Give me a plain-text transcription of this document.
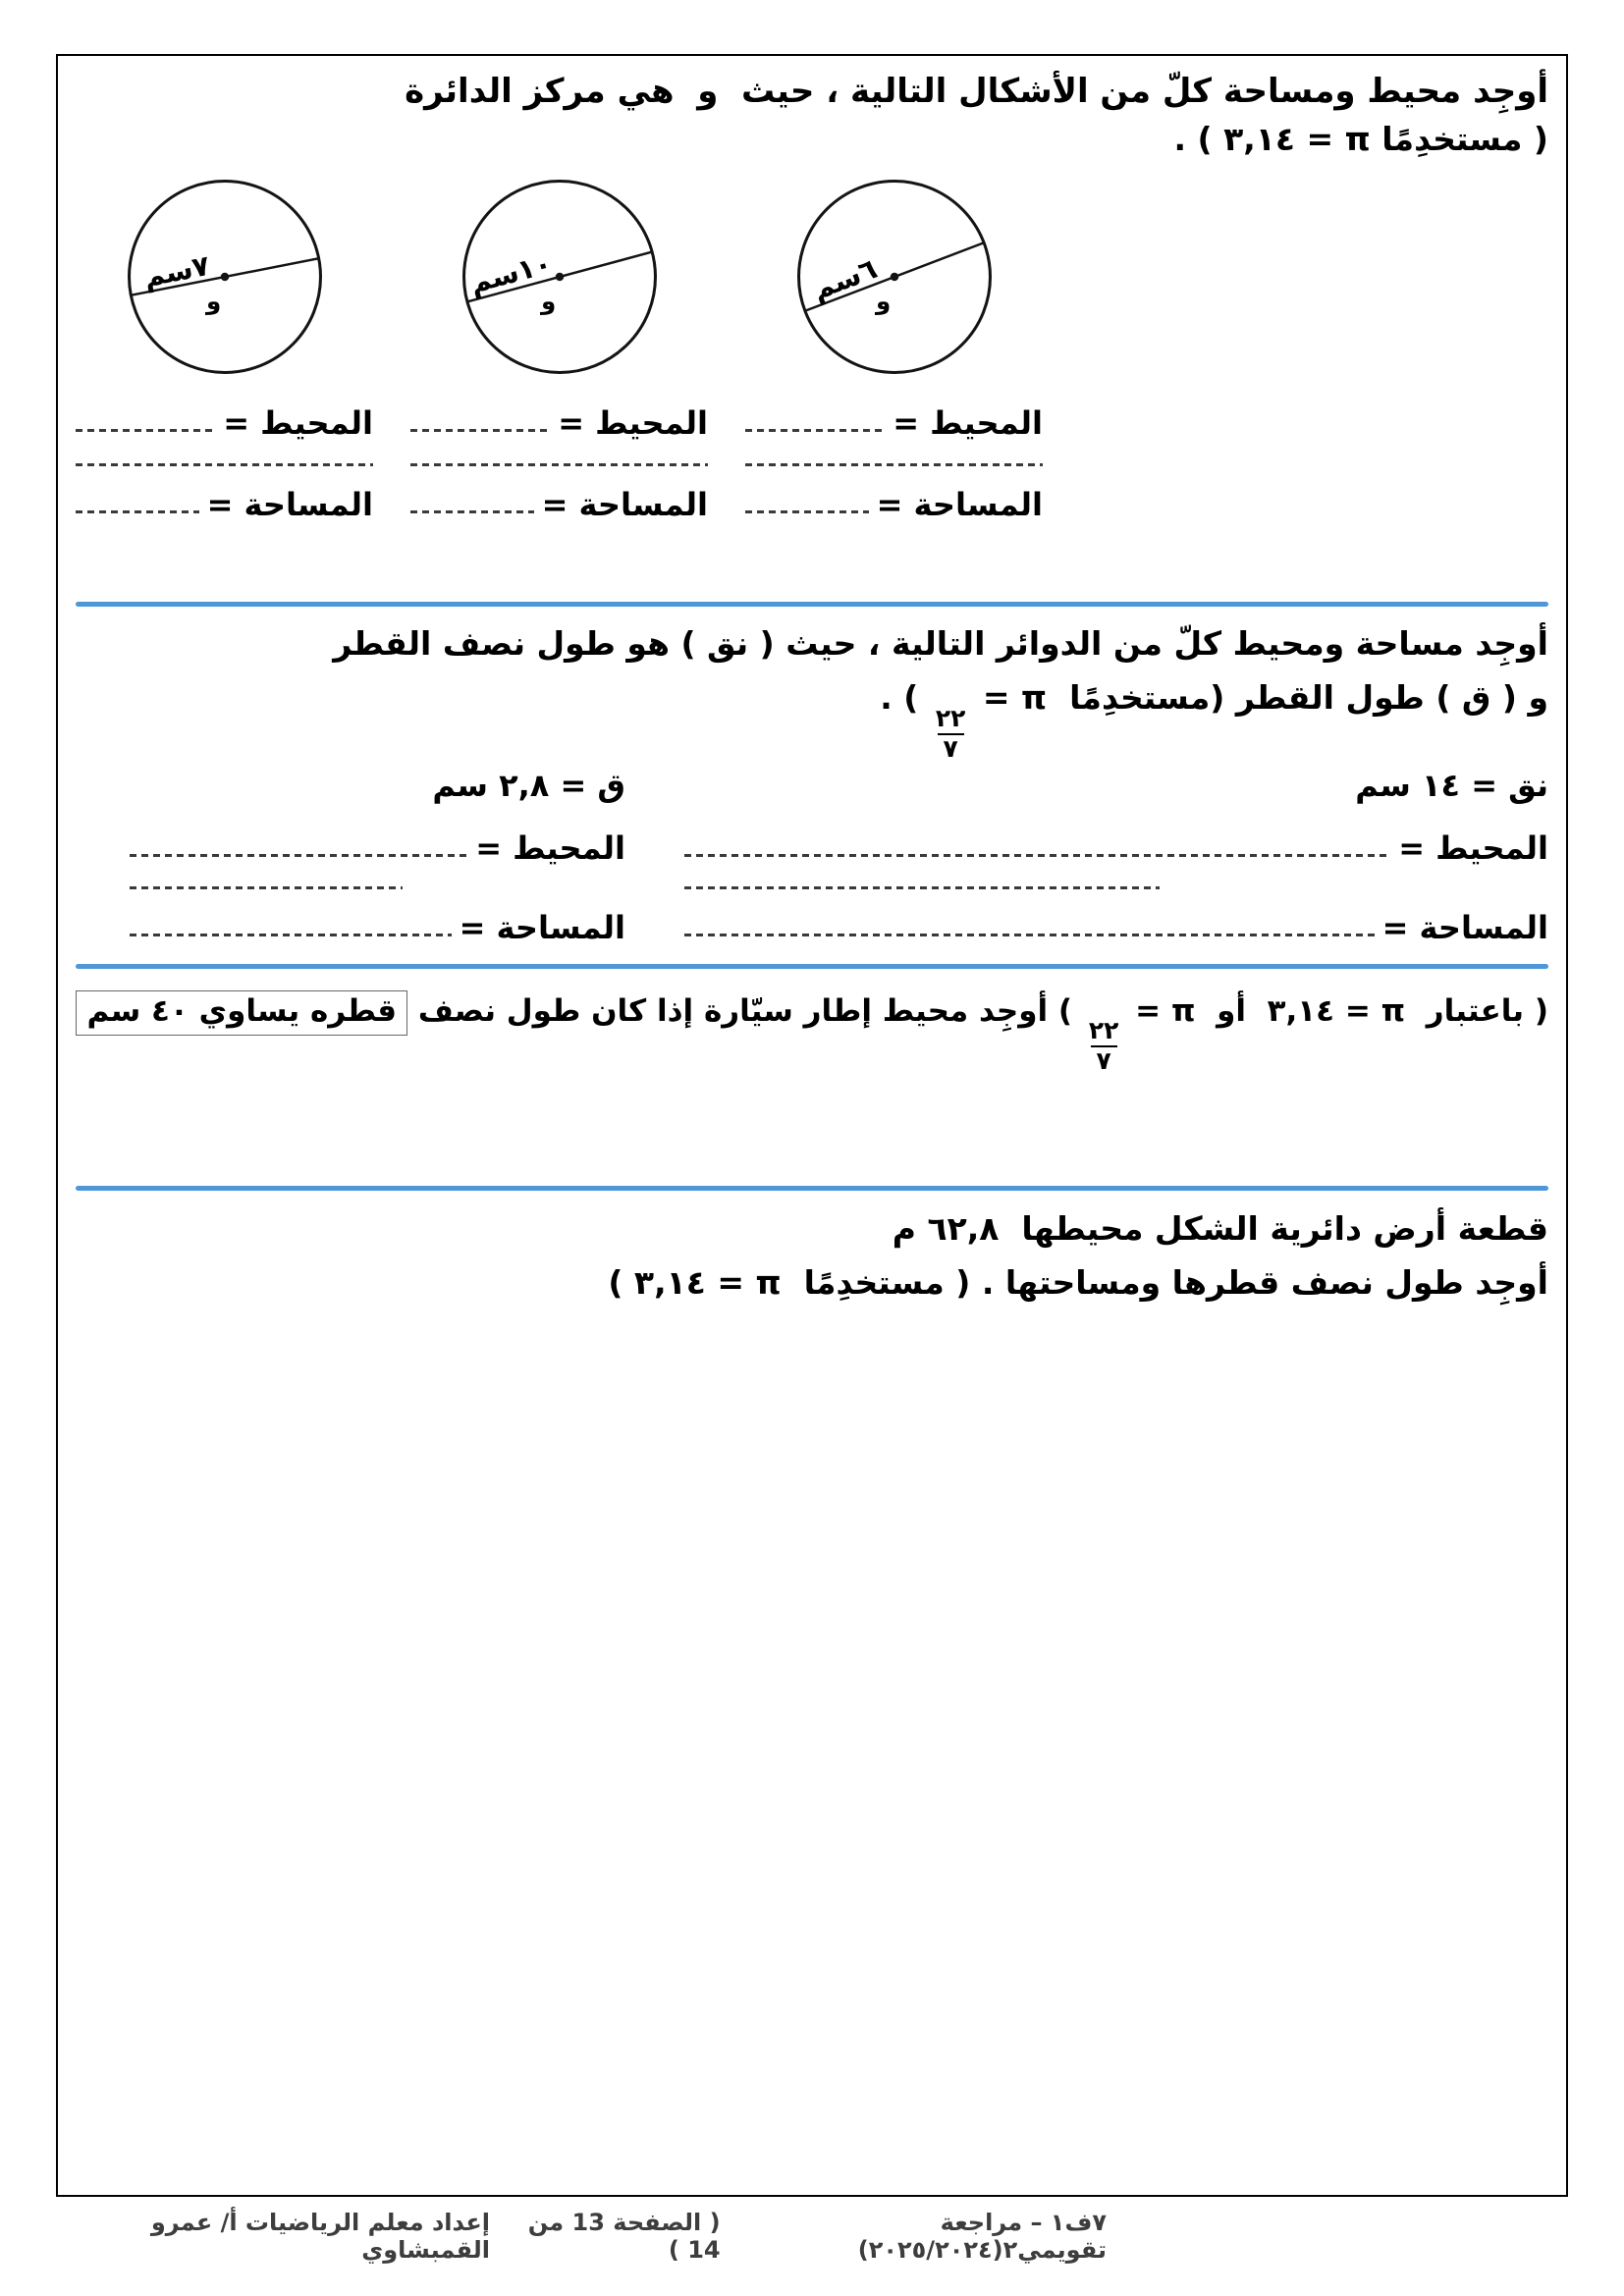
أوجِد محيط ومساحة كلّ من الأشكال التالية ، حيث  و  هي مركز الدائرة
( مستخدِمًا π = ٣,١٤ ) .
و
٦سم
المحيط =
المساحة =
و
١٠سم
المحيط =
المساحة =
و
٧سم
المحيط =
المساحة =
أوجِد مساحة ومحيط كلّ من الدوائر التالية ، حيث ( نق ) هو طول نصف القطر
و ( ق ) طول القطر (مستخدِمًا  π =
$\frac{٢٢}{٧}$
) .
نق = ١٤ سم
المحيط =
المساحة =
ق = ٢,٨ سم
المحيط =
المساحة =

( باعتبار  π = ٣,١٤  أو  π =
$\frac{٢٢}{٧}$
) أوجِد محيط إطار سيّارة إذا كان طول نصف قطره يساوي ٤٠ سم

قطعة أرض دائرية الشكل محيطها  ٦٢,٨ م
أوجِد طول نصف قطرها ومساحتها . ( مستخدِمًا  π = ٣,١٤ )
٧ف١ – مراجعة تقويمي٢(٢٠٢٥/٢٠٢٤)
( الصفحة 13 من 14 )
إعداد معلم الرياضيات أ/ عمرو القمبشاوي
